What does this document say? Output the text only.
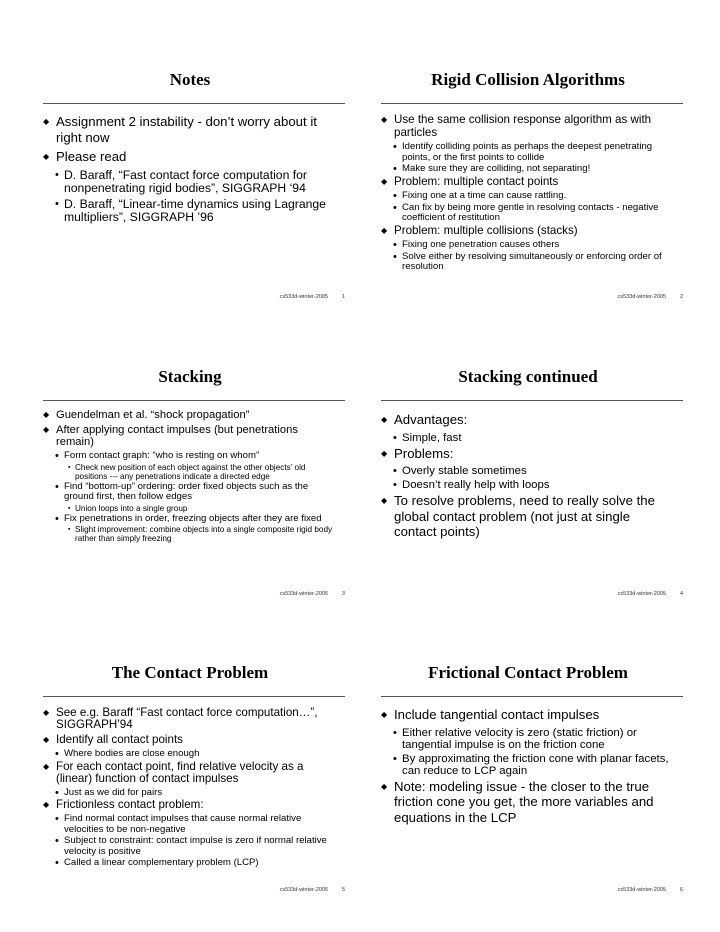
Notes
◆ Assignment 2 instability - don’t worry about it right now
◆ Please read
• D. Baraff, “Fast contact force computation for nonpenetrating rigid bodies”, SIGGRAPH ‘94
• D. Baraff, “Linear-time dynamics using Lagrange multipliers”, SIGGRAPH ’96
cs533d-winter-2005	1
Rigid Collision Algorithms
◆ Use the same collision response algorithm as with particles
• Identify colliding points as perhaps the deepest penetrating points, or the first points to collide
• Make sure they are colliding, not separating!
◆ Problem: multiple contact points
• Fixing one at a time can cause rattling.
• Can fix by being more gentle in resolving contacts - negative coefficient of restitution
◆ Problem: multiple collisions (stacks)
• Fixing one penetration causes others
• Solve either by resolving simultaneously or enforcing order of resolution
cs533d-winter-2005	2
Stacking
◆ Guendelman et al. “shock propagation”
◆ After applying contact impulses (but penetrations remain)
• Form contact graph: “who is resting on whom”
▪ Check new position of each object against the other objects’ old positions --- any penetrations indicate a directed edge
• Find “bottom-up” ordering: order fixed objects such as the ground first, then follow edges
▪ Union loops into a single group
• Fix penetrations in order, freezing objects after they are fixed
▪ Slight improvement: combine objects into a single composite rigid body rather than simply freezing
cs533d-winter-2005	3
Stacking continued
◆ Advantages:
• Simple, fast
◆ Problems:
• Overly stable sometimes
• Doesn’t really help with loops
◆ To resolve problems, need to really solve the global contact problem (not just at single contact points)
cs533d-winter-2005	4
The Contact Problem
◆ See e.g. Baraff “Fast contact force computation…”, SIGGRAPH’94
◆ Identify all contact points
• Where bodies are close enough
◆ For each contact point, find relative velocity as a (linear) function of contact impulses
• Just as we did for pairs
◆ Frictionless contact problem:
• Find normal contact impulses that cause normal relative velocities to be non-negative
• Subject to constraint: contact impulse is zero if normal relative velocity is positive
• Called a linear complementary problem (LCP)
cs533d-winter-2005	5
Frictional Contact Problem
◆ Include tangential contact impulses
• Either relative velocity is zero (static friction) or tangential impulse is on the friction cone
• By approximating the friction cone with planar facets, can reduce to LCP again
◆ Note: modeling issue - the closer to the true friction cone you get, the more variables and equations in the LCP
cs533d-winter-2005	6
